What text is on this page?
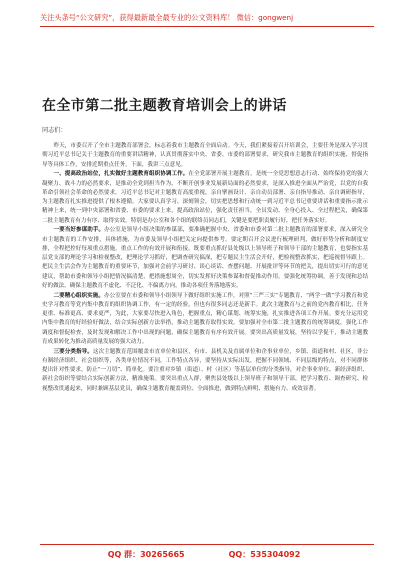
关注头条号“公文研究”，获得最新最全最专业的公文资料库！ 微信：gongwenj
在全市第二批主题教育培训会上的讲话
同志们：

昨天，市委召开了全市主题教育部署会，标志着我市主题教育全面启动。今天，我们紧接着召开培训会，主要任务是深入学习贯彻习近平总书记关于主题教育的重要讲话精神，认真贯彻落实中央、省委、市委的部署要求，研究我市主题教育的组织实施、督促指导等具体工作，安排近期重点任务。下面，我讲三点意见。

一、提高政治站位，扎实做好主题教育组织协调工作。在全党部署开展主题教育，是统一全党思想意志行动、始终保持党的强大凝聚力、战斗力的必然要求，是推动全党到担当作为、不断开创事业发展新局面的必然要求，是深入推进全面从严治党，以党的自我革命引领社会革命的必然要求。习近平总书记对主题教育高度重视，亲自擘画设计、亲自动员部署、亲自指导推动、亲自调研指导，为主题教育扎实推进提供了根本遵循。大家要认真学习、深刻领会，切实把思想和行动统一到习近平总书记重要讲话和重要指示批示精神上来，统一到中央部署和省委、市委的要求上来，提高政治站位，强化责任担当，全员发动、全身心投入、全过程把关，确保第二批主题教育有力有序、取得实效。特别是办公室和各个组的联络员同志们，关键是要把职责履行好，把任务落实好。

一要当好参谋助手。办公室是领导小组决策的参谋部，要准确把握中央、省委和市委对第二批主题教育的部署要求，深入研究全市主题教育的工作安排，具体措施，为市委及领导小组把关定向提供参考。要定期召开会议进行梳理研判，做好形势分析和制度安排，全程把控好每项重点措施，重点工作的有效开展和衔接。既要重点抓好县处级以上领导班子和领导干部的主题教育，也要指实基层党支部的理论学习和检视整改，把理论学习抓好，把调查研究搞深，把专题民主生活会开好，把检视整改抓实，把巡视督导跟上。把民主生活会作为主题教育的重要环节，加强对会前学习研讨、谈心谈话、查摆问题、开展批评等环节的把关，提出切实可行的意见建议，帮助市委和领导小组把情况搞清楚，把措施想周全，切实发挥好决策参谋和督促推动作用。要强化统筹协调，善于发现和总结好的做法，确保主题教育不虚化、不泛化、不偏离方向，推动各项任务落地落实。

二要精心组织实施。办公室要在市委和领导小组领导下做好组织实施工作，对照“三严三实”专题教育、“两学一做”学习教育和党史学习教育等党内集中教育的组织协调工作，有一定的经验，但也有很多同志还是新手。此次主题教育与之前的党内教育相比，任务更重、标准更高、要求更严，为此，大家要尽快进入角色，把握重点，精心谋划、统筹实施，扎实推进各项工作开展。要充分运用党内集中教育的好经验好做法，结合实际创新方法举措，推动主题教育取得实效。要加强对全市第二批主题教育的统筹调度，强化工作调度和督促检查，及时发现和解决工作中出现的问题，确保主题教育有序有效开展。要突出高质量发展，坚持以学促干，推动主题教育成果转化为推动高质量发展的强大动力。

三要分类指导。这次主题教育范围覆盖市直单位和县区，有市、县机关及直属单位和企事业单位，乡镇、街道和村、社区，非公有制经济组织、社会组织等，各类单位情况不同，工作特点各异，要坚持从实际出发，把握不同领域、不同层级的特点，对不同群体提出针对性要求，防止“一刀切”、简单化。要注重对乡镇（街道）、村（社区）等基层单位的分类指导，对企事业单位、新经济组织、新社会组织等要结合实际创新方法，精准施策。要突出重点人群，聚焦县处级以上领导班子和领导干部，把学习教育、调查研究、检视整改贯通起来，同时兼顾基层党员，确保主题教育覆盖到位、全面推进，做到特点鲜明、措施有力、成效显著。

QQ 群：30265665	QQ：535304092
